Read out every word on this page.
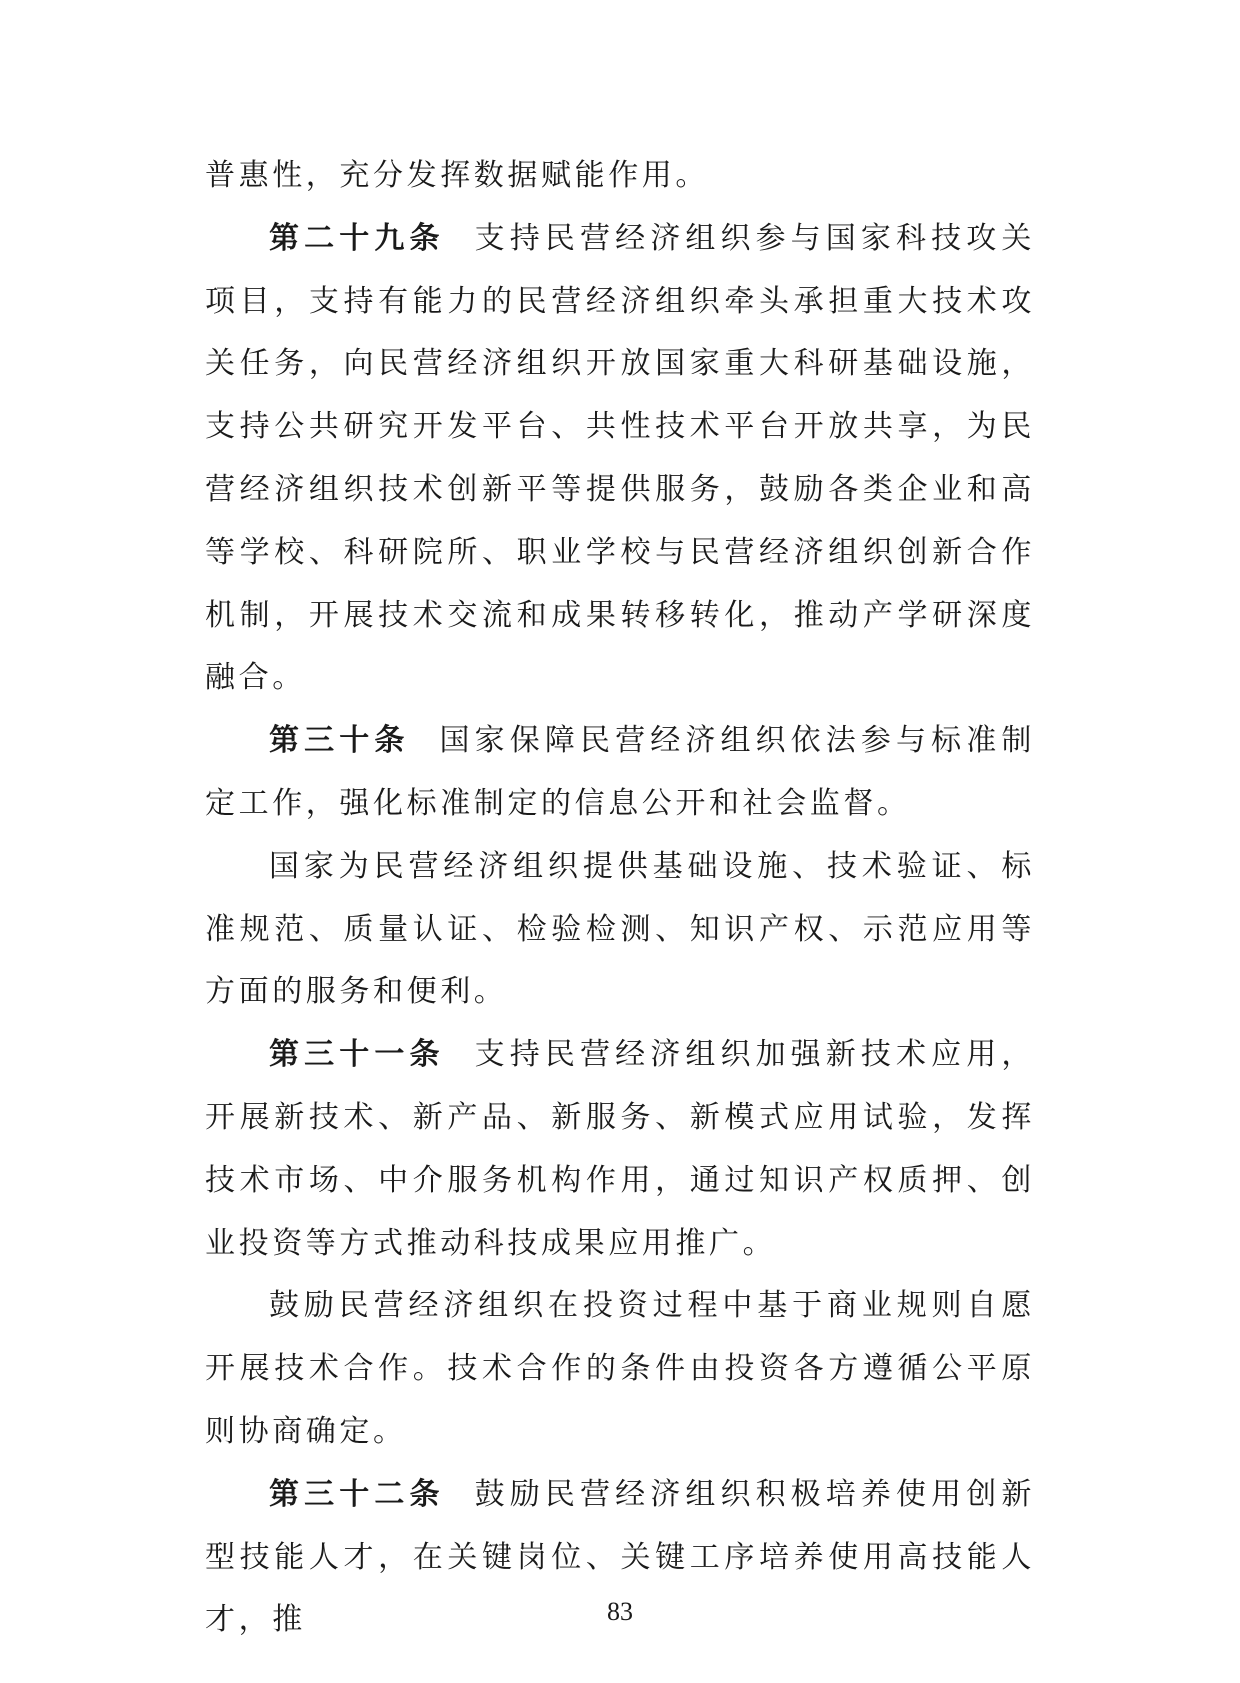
普惠性，充分发挥数据赋能作用。

第二十九条 支持民营经济组织参与国家科技攻关项目，支持有能力的民营经济组织牵头承担重大技术攻关任务，向民营经济组织开放国家重大科研基础设施，支持公共研究开发平台、共性技术平台开放共享，为民营经济组织技术创新平等提供服务，鼓励各类企业和高等学校、科研院所、职业学校与民营经济组织创新合作机制，开展技术交流和成果转移转化，推动产学研深度融合。

第三十条 国家保障民营经济组织依法参与标准制定工作，强化标准制定的信息公开和社会监督。

国家为民营经济组织提供基础设施、技术验证、标准规范、质量认证、检验检测、知识产权、示范应用等方面的服务和便利。

第三十一条 支持民营经济组织加强新技术应用，开展新技术、新产品、新服务、新模式应用试验，发挥技术市场、中介服务机构作用，通过知识产权质押、创业投资等方式推动科技成果应用推广。

鼓励民营经济组织在投资过程中基于商业规则自愿开展技术合作。技术合作的条件由投资各方遵循公平原则协商确定。

第三十二条 鼓励民营经济组织积极培养使用创新型技能人才，在关键岗位、关键工序培养使用高技能人才，推	83
